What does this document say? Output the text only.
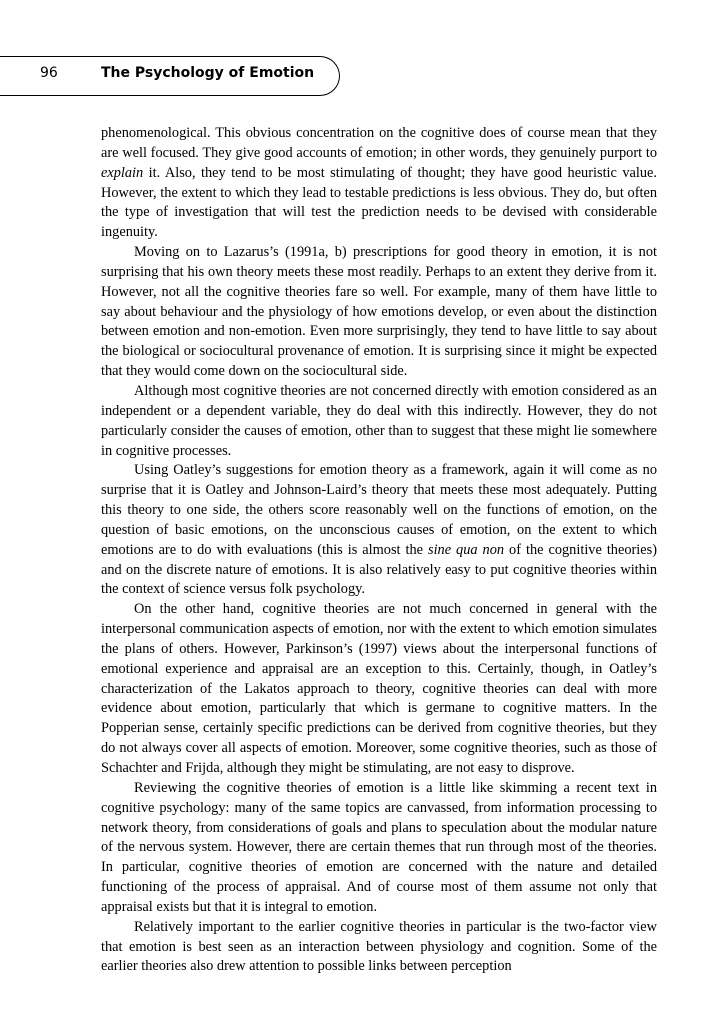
96	The Psychology of Emotion

phenomenological. This obvious concentration on the cognitive does of course mean that they are well focused. They give good accounts of emotion; in other words, they genuinely purport to explain it. Also, they tend to be most stimulating of thought; they have good heuristic value. However, the extent to which they lead to testable predictions is less obvious. They do, but often the type of investigation that will test the prediction needs to be devised with considerable ingenuity.

Moving on to Lazarus’s (1991a, b) prescriptions for good theory in emotion, it is not surprising that his own theory meets these most readily. Perhaps to an extent they derive from it. However, not all the cognitive theories fare so well. For example, many of them have little to say about behaviour and the physiology of how emotions develop, or even about the distinction between emotion and non-emotion. Even more surprisingly, they tend to have little to say about the biological or sociocultural provenance of emotion. It is surprising since it might be expected that they would come down on the sociocultural side.

Although most cognitive theories are not concerned directly with emotion considered as an independent or a dependent variable, they do deal with this indirectly. However, they do not particularly consider the causes of emotion, other than to suggest that these might lie somewhere in cognitive processes.

Using Oatley’s suggestions for emotion theory as a framework, again it will come as no surprise that it is Oatley and Johnson-Laird’s theory that meets these most adequately. Putting this theory to one side, the others score reasonably well on the functions of emotion, on the question of basic emotions, on the unconscious causes of emotion, on the extent to which emotions are to do with evaluations (this is almost the sine qua non of the cognitive theories) and on the discrete nature of emotions. It is also relatively easy to put cognitive theories within the context of science versus folk psychology.

On the other hand, cognitive theories are not much concerned in general with the interpersonal communication aspects of emotion, nor with the extent to which emotion simulates the plans of others. However, Parkinson’s (1997) views about the interpersonal functions of emotional experience and appraisal are an exception to this. Certainly, though, in Oatley’s characterization of the Lakatos approach to theory, cognitive theories can deal with more evidence about emotion, particularly that which is germane to cognitive matters. In the Popperian sense, certainly specific predictions can be derived from cognitive theories, but they do not always cover all aspects of emotion. Moreover, some cognitive theories, such as those of Schachter and Frijda, although they might be stimulating, are not easy to disprove.

Reviewing the cognitive theories of emotion is a little like skimming a recent text in cognitive psychology: many of the same topics are canvassed, from information processing to network theory, from considerations of goals and plans to speculation about the modular nature of the nervous system. However, there are certain themes that run through most of the theories. In particular, cognitive theories of emotion are concerned with the nature and detailed functioning of the process of appraisal. And of course most of them assume not only that appraisal exists but that it is integral to emotion.

Relatively important to the earlier cognitive theories in particular is the two-factor view that emotion is best seen as an interaction between physiology and cognition. Some of the earlier theories also drew attention to possible links between perception
